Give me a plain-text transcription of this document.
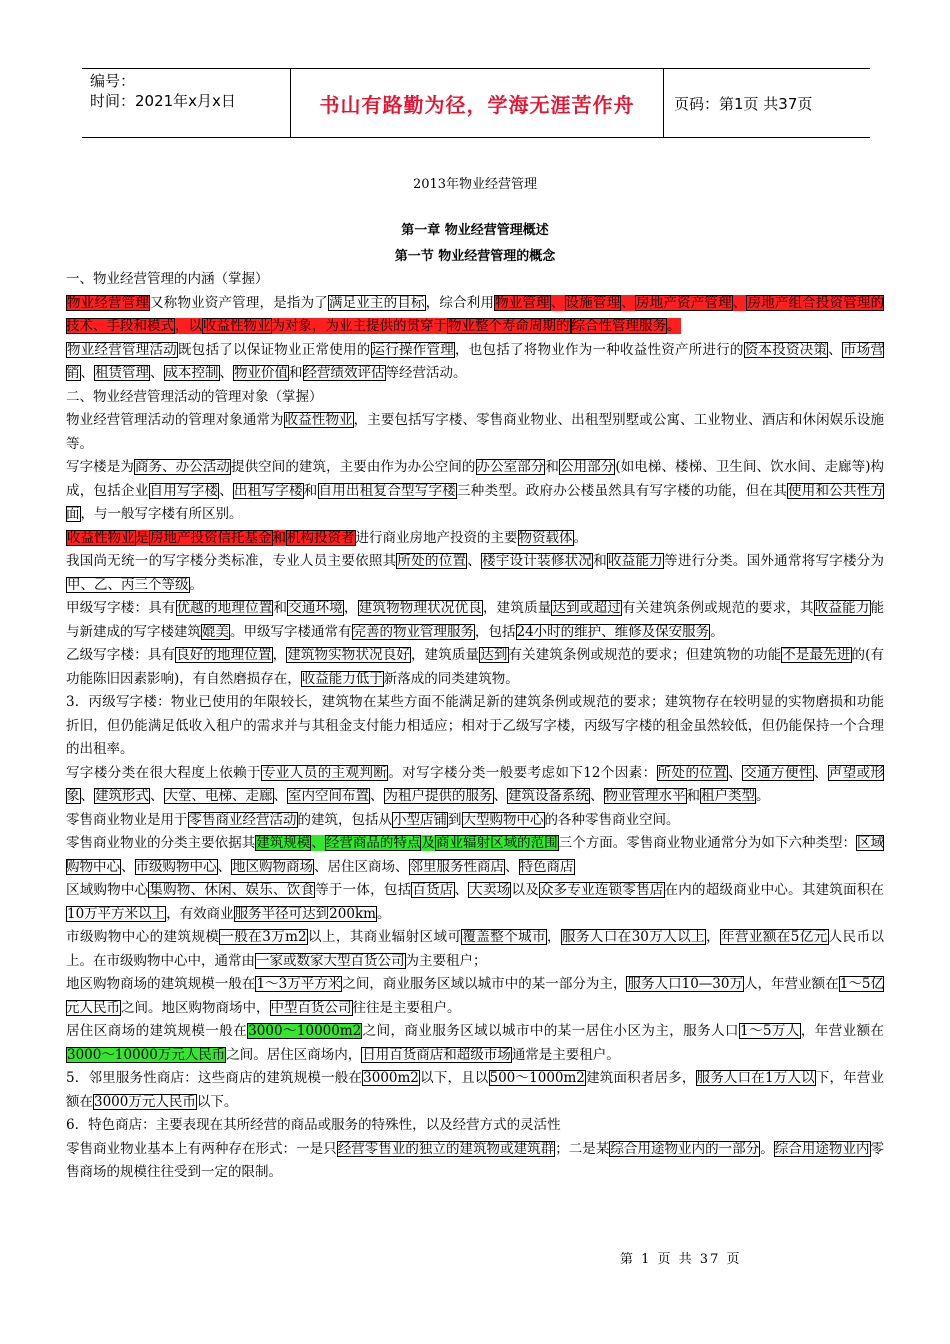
编号：
时间：2021年x月x日	书山有路勤为径，学海无涯苦作舟	页码：第1页 共37页
2013年物业经营管理
第一章 物业经营管理概述
第一节 物业经营管理的概念

一、物业经营管理的内涵（掌握）

物业经营管理又称物业资产管理，是指为了满足业主的目标，综合利用物业管理、设施管理、房地产资产管理、房地产组合投资管理的技术、手段和模式，以收益性物业为对象，为业主提供的贯穿于物业整个寿命周期的 综合性管理服务。

物业经营管理活动既包括了以保证物业正常使用的运行操作管理，也包括了将物业作为一种收益性资产所进行的资本投资决策、市场营销、租赁管理、成本控制、物业价值和经营绩效评估等经营活动。

二、物业经营管理活动的管理对象（掌握）

物业经营管理活动的管理对象通常为收益性物业，主要包括写字楼、零售商业物业、出租型别墅或公寓、工业物业、酒店和休闲娱乐设施等。

写字楼是为商务、办公活动提供空间的建筑，主要由作为办公空间的办公室部分和公用部分(如电梯、楼梯、卫生间、饮水间、走廊等)构成，包括企业自用写字楼、出租写字楼和自用出租复合型写字楼三种类型。政府办公楼虽然具有写字楼的功能，但在其使用和公共性方面，与一般写字楼有所区别。

收益性物业是房地产投资信托基金和机构投资者进行商业房地产投资的主要物资载体。

我国尚无统一的写字楼分类标准，专业人员主要依照其所处的位置、楼宇设计装修状况和收益能力等进行分类。国外通常将写字楼分为甲、乙、丙三个等级。

甲级写字楼：具有优越的地理位置和交通环境，建筑物物理状况优良，建筑质量达到或超过有关建筑条例或规范的要求，其收益能力能与新建成的写字楼建筑媲美。甲级写字楼通常有完善的物业管理服务，包括24小时的维护、维修及保安服务。

乙级写字楼：具有良好的地理位置，建筑物实物状况良好，建筑质量达到有关建筑条例或规范的要求；但建筑物的功能不是最先进的(有功能陈旧因素影响)，有自然磨损存在，收益能力低于新落成的同类建筑物。

3．丙级写字楼：物业已使用的年限较长，建筑物在某些方面不能满足新的建筑条例或规范的要求；建筑物存在较明显的实物磨损和功能折旧，但仍能满足低收入租户的需求并与其租金支付能力相适应；相对于乙级写字楼，丙级写字楼的租金虽然较低，但仍能保持一个合理的出租率。

写字楼分类在很大程度上依赖于专业人员的主观判断。对写字楼分类一般要考虑如下12个因素：所处的位置、交通方便性、声望或形象、建筑形式、大堂、电梯、走廊、室内空间布置、为租户提供的服务、建筑设备系统、物业管理水平和租户类型。

零售商业物业是用于零售商业经营活动的建筑，包括从小型店铺到大型购物中心的各种零售商业空间。

零售商业物业的分类主要依据其建筑规模、经营商品的特点及商业辐射区域的范围三个方面。零售商业物业通常分为如下六种类型：区域购物中心、市级购物中心、地区购物商场、居住区商场、邻里服务性商店、特色商店

区域购物中心集购物、休闲、娱乐、饮食等于一体，包括百货店、大卖场以及众多专业连锁零售店在内的超级商业中心。其建筑面积在10万平方米以上，有效商业服务半径可达到200km。

市级购物中心的建筑规模一般在3万m2以上，其商业辐射区域可覆盖整个城市，服务人口在30万人以上，年营业额在5亿元人民币以上。在市级购物中心中，通常由一家或数家大型百货公司为主要租户；

地区购物商场的建筑规模一般在1～3万平方米之间，商业服务区域以城市中的某一部分为主，服务人口10—30万人，年营业额在1～5亿元人民币之间。地区购物商场中，中型百货公司往往是主要租户。

居住区商场的建筑规模一般在3000～10000m2之间，商业服务区域以城市中的某一居住小区为主，服务人口1～5万人，年营业额在3000～10000万元人民币之间。居住区商场内，日用百货商店和超级市场通常是主要租户。

5．邻里服务性商店：这些商店的建筑规模一般在3000m2以下，且以500～1000m2建筑面积者居多，服务人口在1万人以下，年营业额在3000万元人民币以下。

6．特色商店：主要表现在其所经营的商品或服务的特殊性，以及经营方式的灵活性

零售商业物业基本上有两种存在形式：一是只经营零售业的独立的建筑物或建筑群；二是某综合用途物业内的一部分。综合用途物业内零售商场的规模往往受到一定的限制。

第 1 页 共 37 页
